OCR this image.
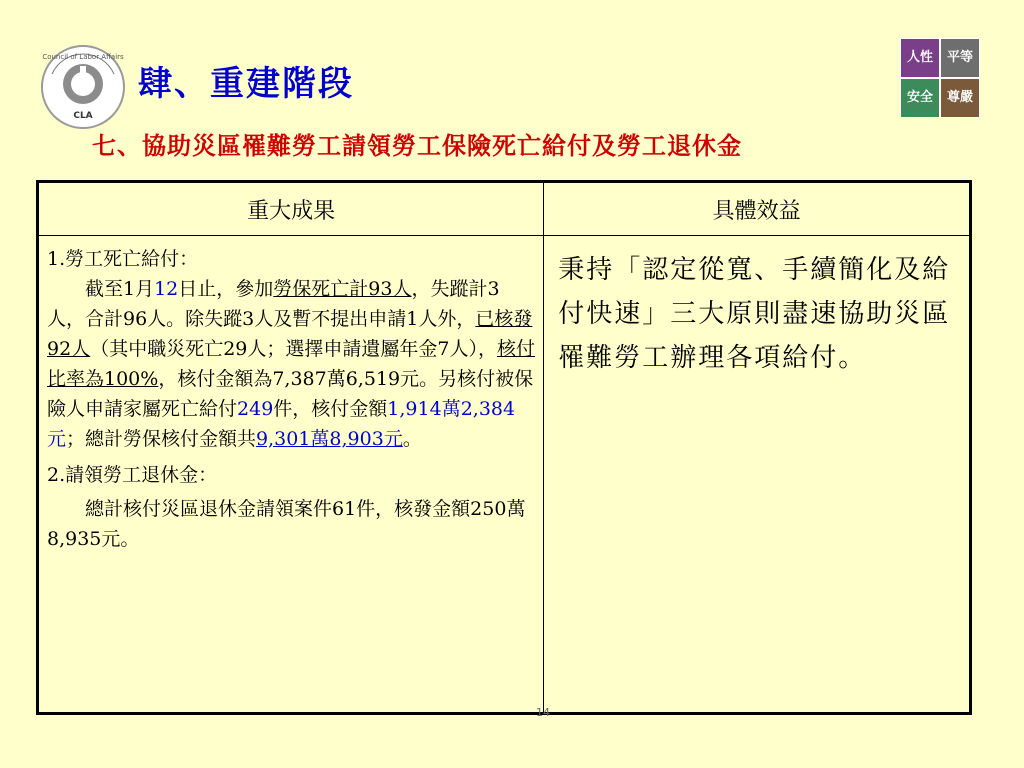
Council of Labor Affairs
CLA
肆、重建階段
七、協助災區罹難勞工請領勞工保險死亡給付及勞工退休金
人性	平等
安全	尊嚴
重大成果	具體效益
1.勞工死亡給付：
截至1月12日止，參加勞保死亡計93人，失蹤計3人，合計96人。除失蹤3人及暫不提出申請1人外，已核發92人（其中職災死亡29人；選擇申請遺屬年金7人），核付比率為100%，核付金額為7,387萬6,519元。另核付被保險人申請家屬死亡給付249件，核付金額1,914萬2,384元；總計勞保核付金額共9,301萬8,903元。
2.請領勞工退休金：
總計核付災區退休金請領案件61件，核發金額250萬8,935元。
秉持「認定從寬、手續簡化及給付快速」三大原則盡速協助災區罹難勞工辦理各項給付。
14
